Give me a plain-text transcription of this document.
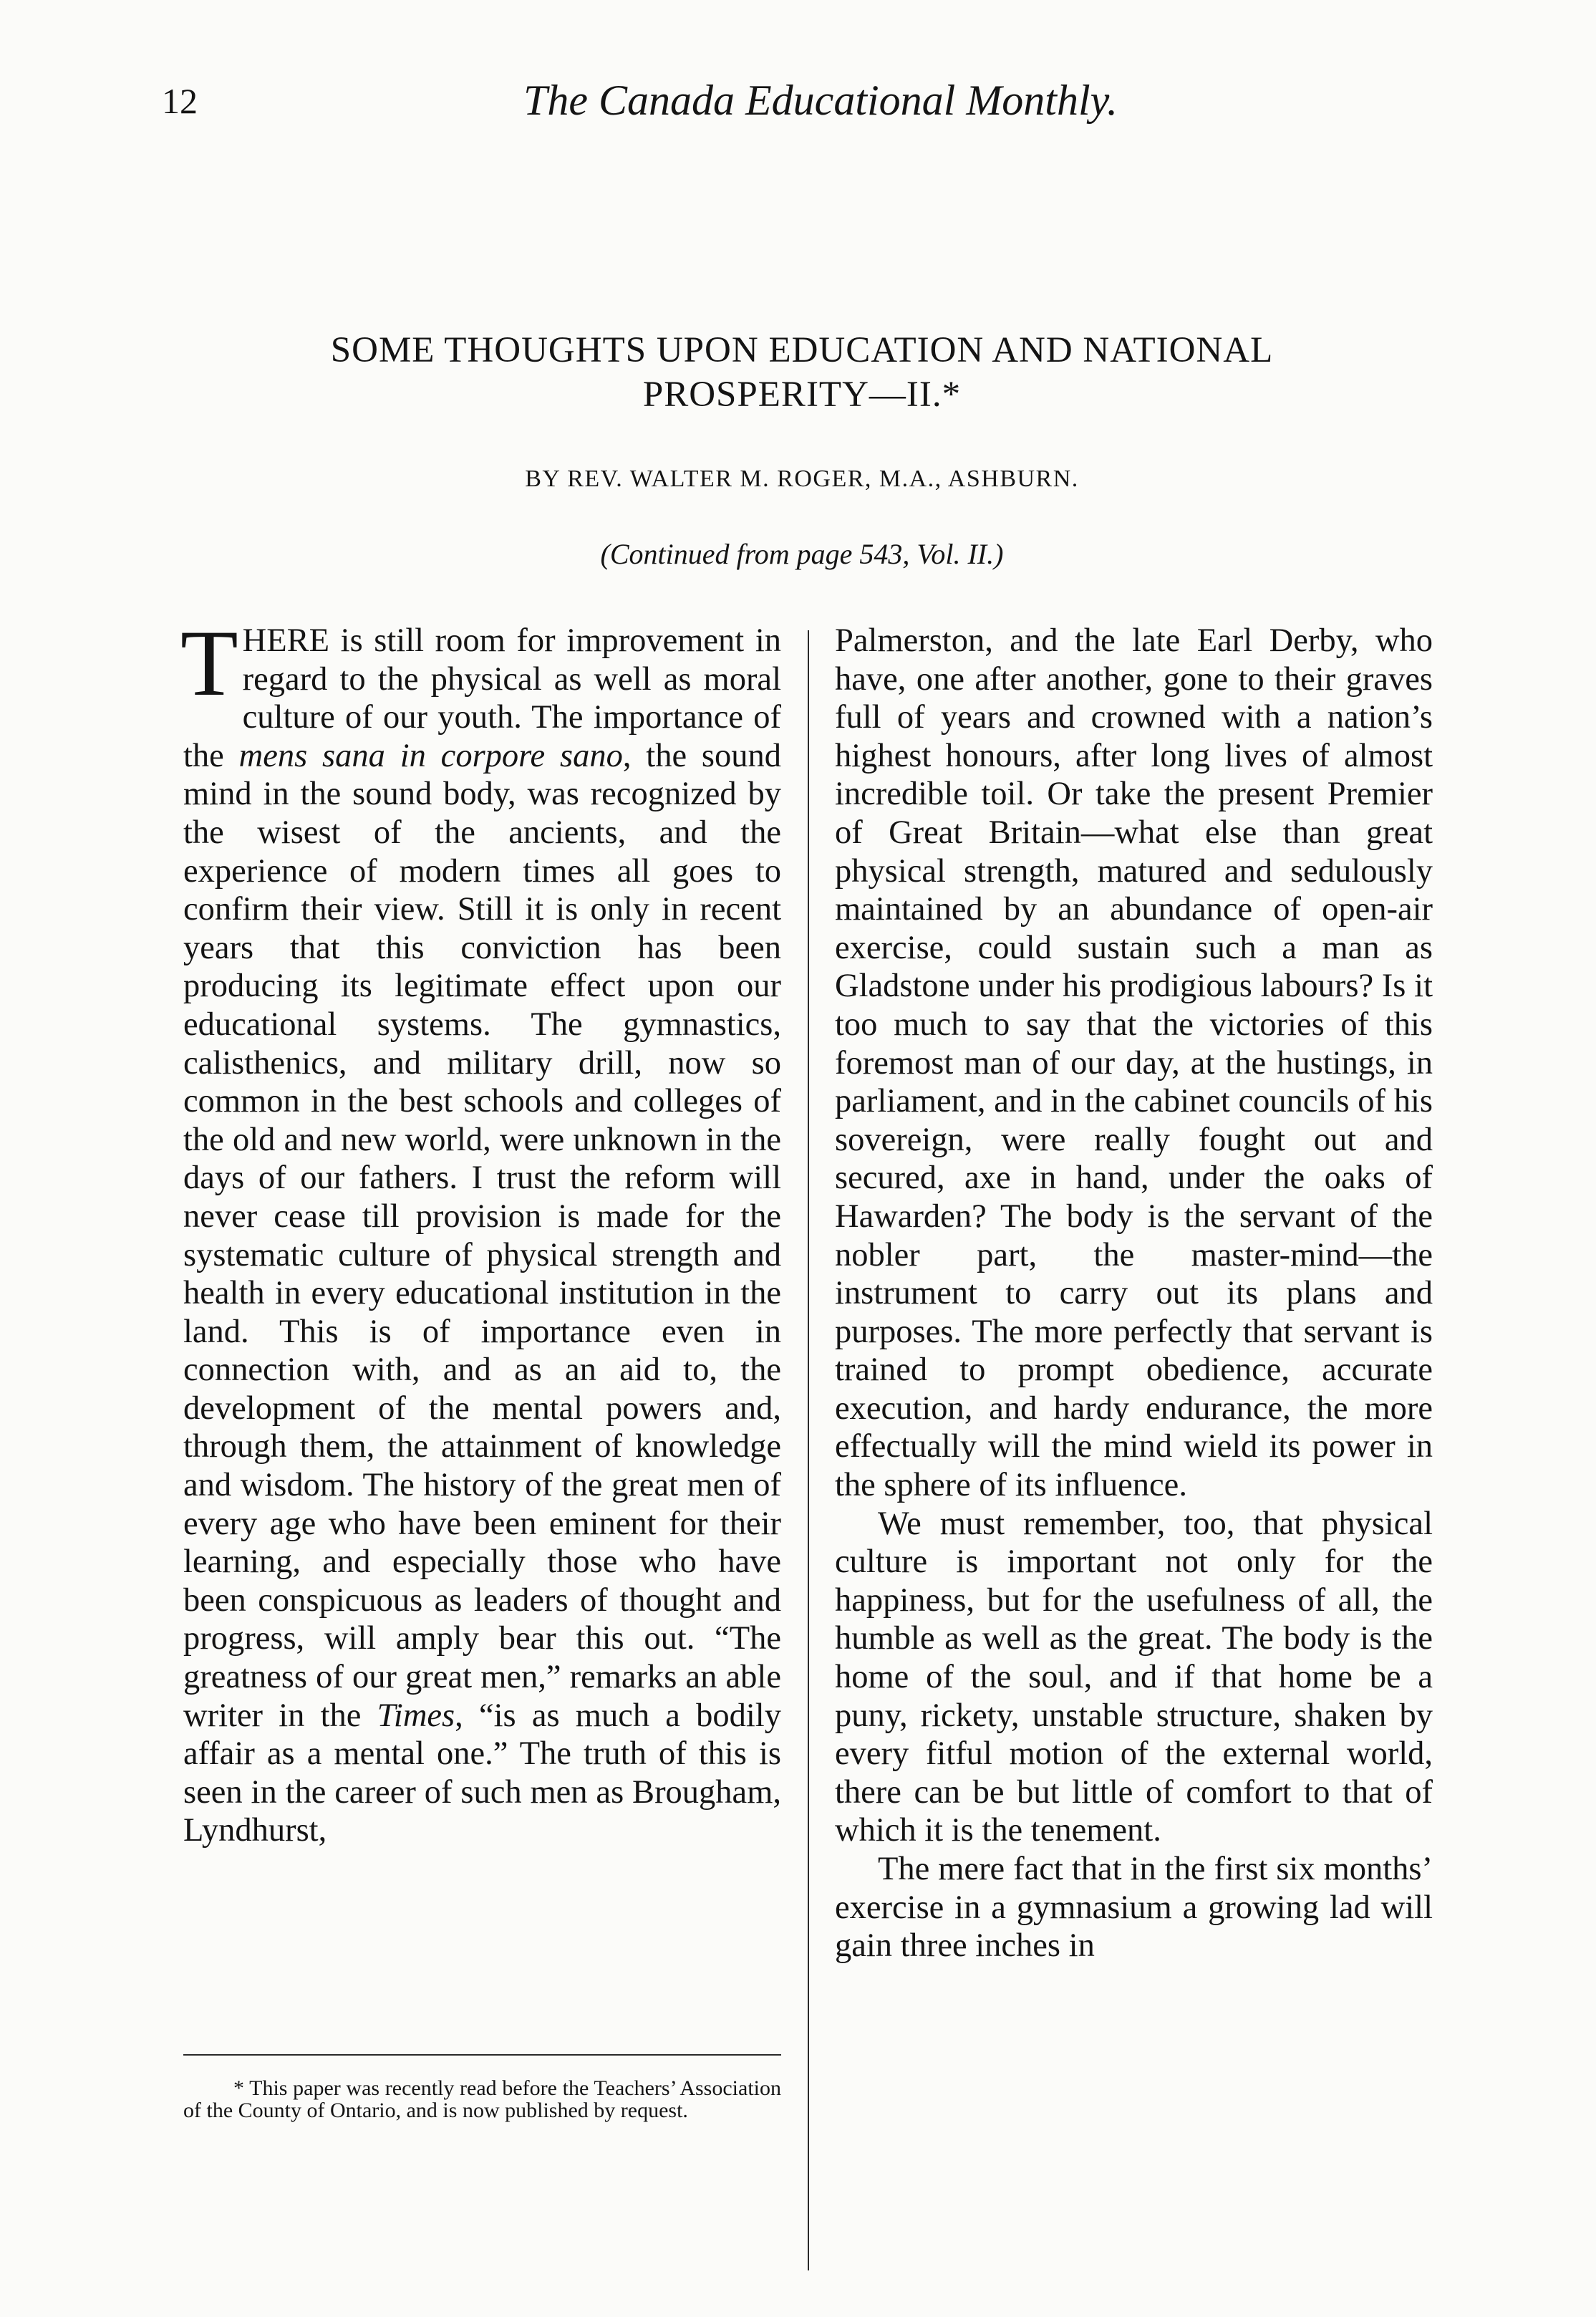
12	The Canada Educational Monthly.
SOME THOUGHTS UPON EDUCATION AND NATIONAL PROSPERITY—II.*
BY REV. WALTER M. ROGER, M.A., ASHBURN.
(Continued from page 543, Vol. II.)

THERE is still room for improvement in regard to the physical as well as moral culture of our youth. The importance of the mens sana in corpore sano, the sound mind in the sound body, was recognized by the wisest of the ancients, and the experience of modern times all goes to confirm their view. Still it is only in recent years that this conviction has been producing its legitimate effect upon our educational systems. The gymnastics, calisthenics, and military drill, now so common in the best schools and colleges of the old and new world, were unknown in the days of our fathers. I trust the reform will never cease till provision is made for the systematic culture of physical strength and health in every educational institution in the land. This is of importance even in connection with, and as an aid to, the development of the mental powers and, through them, the attainment of knowledge and wisdom. The history of the great men of every age who have been eminent for their learning, and especially those who have been conspicuous as leaders of thought and progress, will amply bear this out. “The greatness of our great men,” remarks an able writer in the Times, “is as much a bodily affair as a mental one.” The truth of this is seen in the career of such men as Brougham, Lyndhurst,

Palmerston, and the late Earl Derby, who have, one after another, gone to their graves full of years and crowned with a nation’s highest honours, after long lives of almost incredible toil. Or take the present Premier of Great Britain—what else than great physical strength, matured and sedulously maintained by an abundance of open-air exercise, could sustain such a man as Gladstone under his prodigious labours? Is it too much to say that the victories of this foremost man of our day, at the hustings, in parliament, and in the cabinet councils of his sovereign, were really fought out and secured, axe in hand, under the oaks of Hawarden? The body is the servant of the nobler part, the master-mind—the instrument to carry out its plans and purposes. The more perfectly that servant is trained to prompt obedience, accurate execution, and hardy endurance, the more effectually will the mind wield its power in the sphere of its influence.

We must remember, too, that physical culture is important not only for the happiness, but for the usefulness of all, the humble as well as the great. The body is the home of the soul, and if that home be a puny, rickety, unstable structure, shaken by every fitful motion of the external world, there can be but little of comfort to that of which it is the tenement.

The mere fact that in the first six months’ exercise in a gymnasium a growing lad will gain three inches in

* This paper was recently read before the Teachers’ Association of the County of Ontario, and is now published by request.
